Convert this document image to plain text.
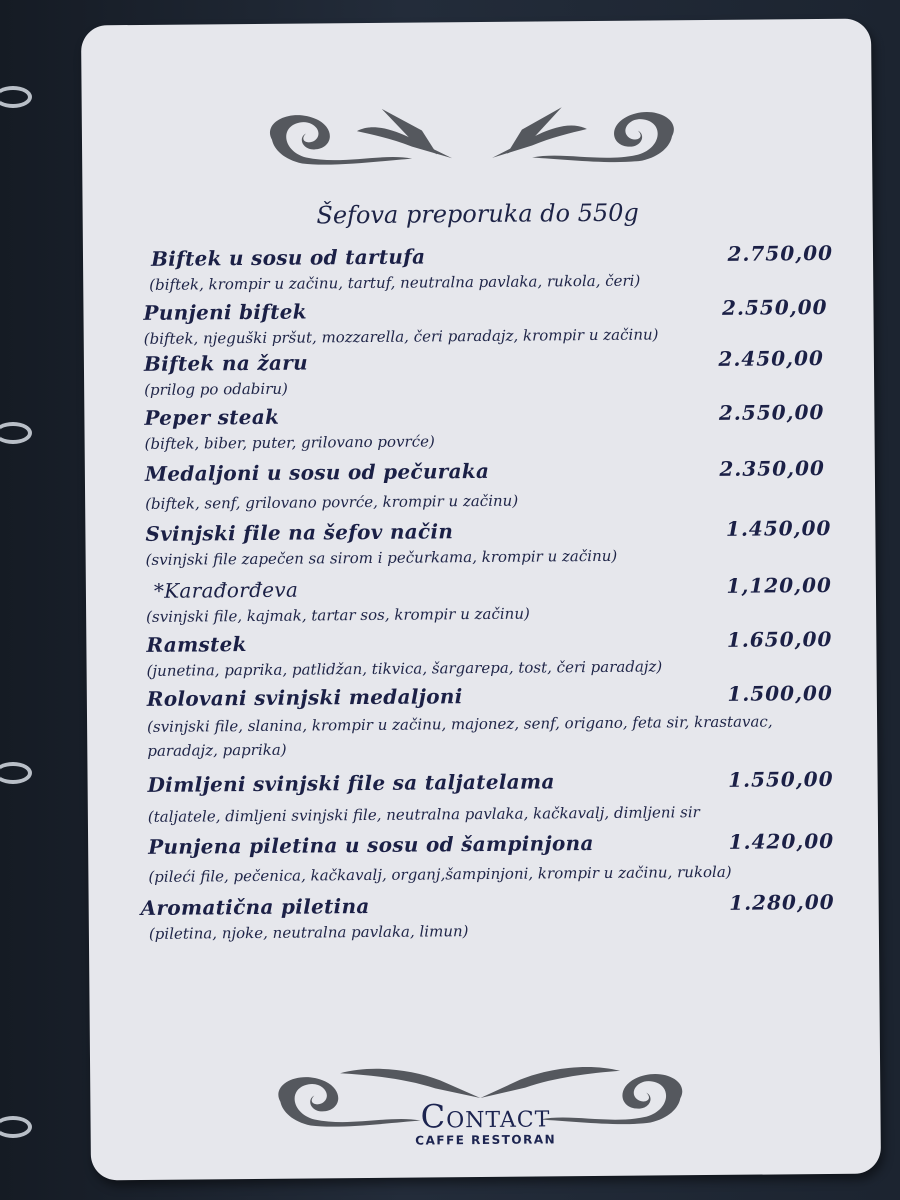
Šefova preporuka do 550g
Biftek u sosu od tartufa	2.750,00
(biftek, krompir u začinu, tartuf, neutralna pavlaka, rukola, čeri)
Punjeni biftek	2.550,00
(biftek, njeguški pršut, mozzarella, čeri paradajz, krompir u začinu)
Biftek na žaru	2.450,00
(prilog po odabiru)
Peper steak	2.550,00
(biftek, biber, puter, grilovano povrće)
Medaljoni u sosu od pečuraka	2.350,00
(biftek, senf, grilovano povrće, krompir u začinu)
Svinjski file na šefov način	1.450,00
(svinjski file zapečen sa sirom i pečurkama, krompir u začinu)
*Karađorđeva	1,120,00
(svinjski file, kajmak, tartar sos, krompir u začinu)
Ramstek	1.650,00
(junetina, paprika, patlidžan, tikvica, šargarepa, tost, čeri paradajz)
Rolovani svinjski medaljoni	1.500,00
(svinjski file, slanina, krompir u začinu, majonez, senf, origano, feta sir, krastavac, paradajz, paprika)
Dimljeni svinjski file sa taljatelama	1.550,00
(taljatele, dimljeni svinjski file, neutralna pavlaka, kačkavalj, dimljeni sir
Punjena piletina u sosu od šampinjona	1.420,00
(pileći file, pečenica, kačkavalj, organj,šampinjoni, krompir u začinu, rukola)
Aromatična piletina	1.280,00
(piletina, njoke, neutralna pavlaka, limun)
Contact
CAFFE RESTORAN
